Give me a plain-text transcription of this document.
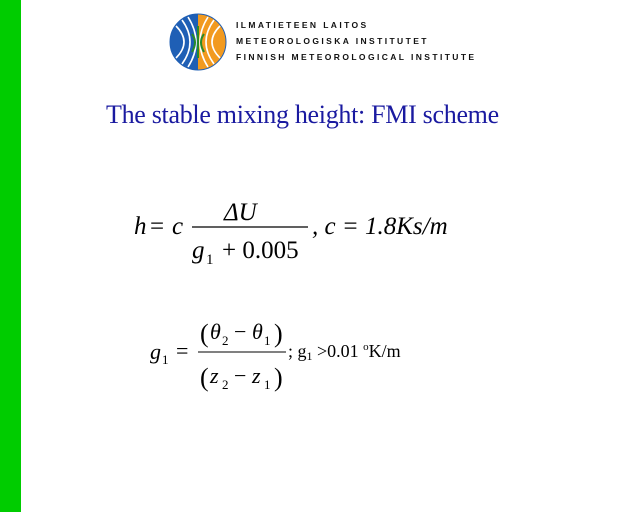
ILMATIETEEN LAITOS
METEOROLOGISKA INSTITUTET
FINNISH METEOROLOGICAL INSTITUTE
The stable mixing height: FMI scheme
h = c
ΔU
g 1 + 0.005
, c = 1.8Ks/m
g 1 =
( θ 2 − θ 1 )
( z 2 − z 1 )
; $g_1 >0.01$ $^o$K/m
